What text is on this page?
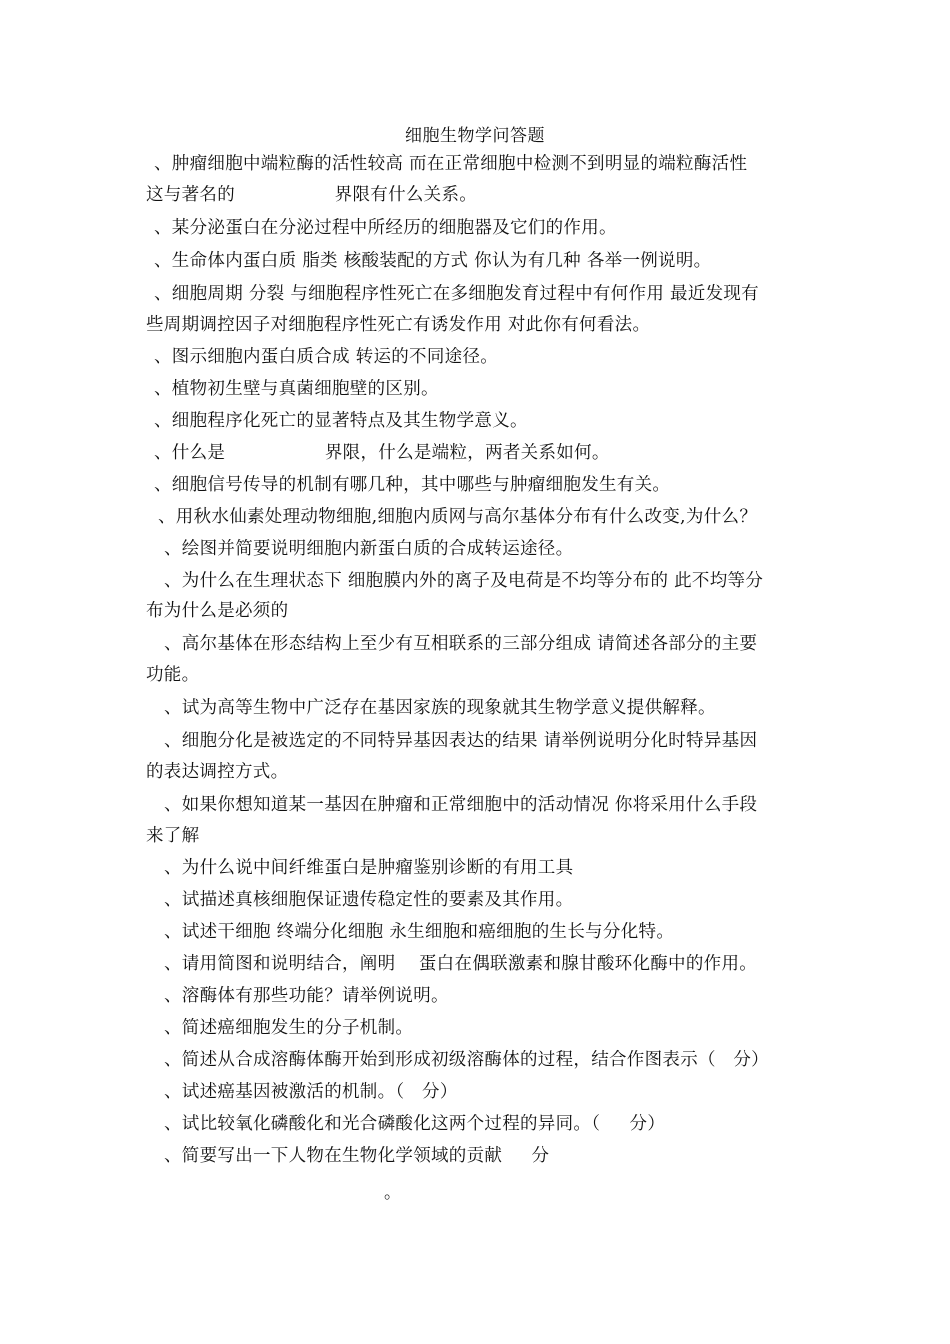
细胞生物学问答题
、肿瘤细胞中端粒酶的活性较高 而在正常细胞中检测不到明显的端粒酶活性
这与著名的                 界限有什么关系。
、某分泌蛋白在分泌过程中所经历的细胞器及它们的作用。
、生命体内蛋白质 脂类 核酸装配的方式 你认为有几种 各举一例说明。
、细胞周期 分裂 与细胞程序性死亡在多细胞发育过程中有何作用 最近发现有
些周期调控因子对细胞程序性死亡有诱发作用 对此你有何看法。
、图示细胞内蛋白质合成 转运的不同途径。
、植物初生壁与真菌细胞壁的区别。
、细胞程序化死亡的显著特点及其生物学意义。
、什么是                 界限，什么是端粒，两者关系如何。
、细胞信号传导的机制有哪几种，其中哪些与肿瘤细胞发生有关。
、用秋水仙素处理动物细胞,细胞内质网与高尔基体分布有什么改变,为什么？
、绘图并简要说明细胞内新蛋白质的合成转运途径。
、为什么在生理状态下 细胞膜内外的离子及电荷是不均等分布的 此不均等分
布为什么是必须的
、高尔基体在形态结构上至少有互相联系的三部分组成 请简述各部分的主要
功能。
、试为高等生物中广泛存在基因家族的现象就其生物学意义提供解释。
、细胞分化是被选定的不同特异基因表达的结果 请举例说明分化时特异基因
的表达调控方式。
、如果你想知道某一基因在肿瘤和正常细胞中的活动情况 你将采用什么手段
来了解
、为什么说中间纤维蛋白是肿瘤鉴别诊断的有用工具
、试描述真核细胞保证遗传稳定性的要素及其作用。
、试述干细胞 终端分化细胞 永生细胞和癌细胞的生长与分化特。
、请用简图和说明结合，阐明    蛋白在偶联激素和腺甘酸环化酶中的作用。
、溶酶体有那些功能？请举例说明。
、简述癌细胞发生的分子机制。
、简述从合成溶酶体酶开始到形成初级溶酶体的过程，结合作图表示（   分）
、试述癌基因被激活的机制。（   分）
、试比较氧化磷酸化和光合磷酸化这两个过程的异同。（     分）
、简要写出一下人物在生物化学领域的贡献     分
。
